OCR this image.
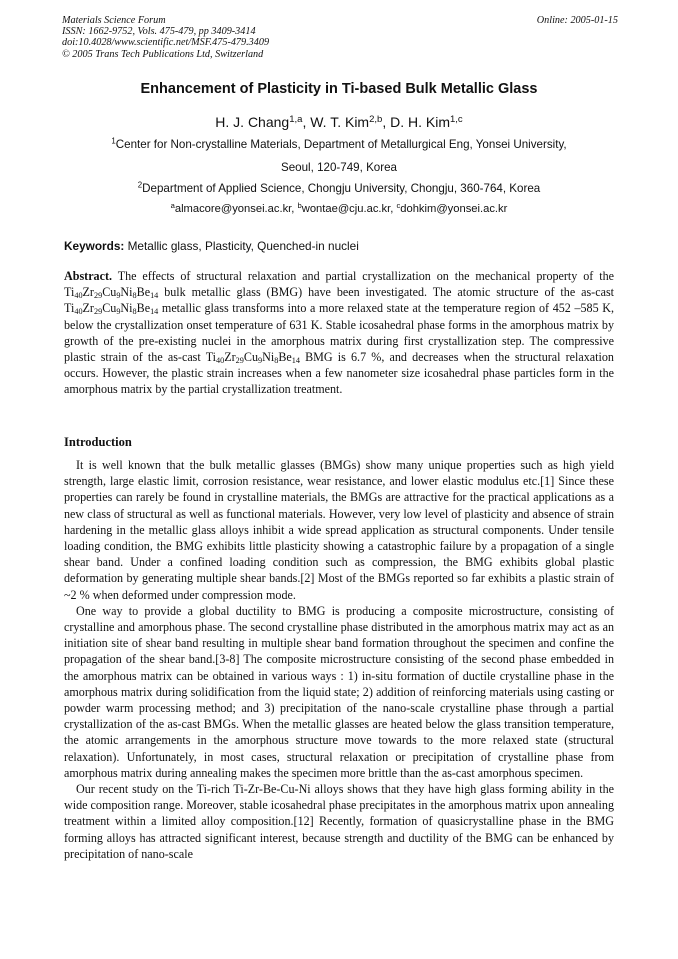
Materials Science Forum
ISSN: 1662-9752, Vols. 475-479, pp 3409-3414
doi:10.4028/www.scientific.net/MSF.475-479.3409
© 2005 Trans Tech Publications Ltd, Switzerland
Online: 2005-01-15
Enhancement of Plasticity in Ti-based Bulk Metallic Glass
H. J. Chang$^{1,a}$, W. T. Kim$^{2,b}$, D. H. Kim$^{1,c}$
$^1$Center for Non-crystalline Materials, Department of Metallurgical Eng, Yonsei University,
Seoul, 120-749, Korea
$^2$Department of Applied Science, Chongju University, Chongju, 360-764, Korea
$^a$almacore@yonsei.ac.kr, $^b$wontae@cju.ac.kr, $^c$dohkim@yonsei.ac.kr
Keywords: Metallic glass, Plasticity, Quenched-in nuclei
Abstract. The effects of structural relaxation and partial crystallization on the mechanical property of the $Ti_{40}Zr_{29}Cu_9Ni_8Be_{14}$ bulk metallic glass (BMG) have been investigated. The atomic structure of the as-cast $Ti_{40}Zr_{29}Cu_9Ni_8Be_{14}$ metallic glass transforms into a more relaxed state at the temperature region of 452 –585 K, below the crystallization onset temperature of 631 K. Stable icosahedral phase forms in the amorphous matrix by growth of the pre-existing nuclei in the amorphous matrix during first crystallization step. The compressive plastic strain of the as-cast $Ti_{40}Zr_{29}Cu_9Ni_8Be_{14}$ BMG is 6.7 %, and decreases when the structural relaxation occurs. However, the plastic strain increases when a few nanometer size icosahedral phase particles form in the amorphous matrix by the partial crystallization treatment.
Introduction

It is well known that the bulk metallic glasses (BMGs) show many unique properties such as high yield strength, large elastic limit, corrosion resistance, wear resistance, and lower elastic modulus etc.[1] Since these properties can rarely be found in crystalline materials, the BMGs are attractive for the practical applications as a new class of structural as well as functional materials. However, very low level of plasticity and absence of strain hardening in the metallic glass alloys inhibit a wide spread application as structural components. Under tensile loading condition, the BMG exhibits little plasticity showing a catastrophic failure by a propagation of a single shear band. Under a confined loading condition such as compression, the BMG exhibits global plastic deformation by generating multiple shear bands.[2] Most of the BMGs reported so far exhibits a plastic strain of ~2 % when deformed under compression mode.

One way to provide a global ductility to BMG is producing a composite microstructure, consisting of crystalline and amorphous phase. The second crystalline phase distributed in the amorphous matrix may act as an initiation site of shear band resulting in multiple shear band formation throughout the specimen and confine the propagation of the shear band.[3-8] The composite microstructure consisting of the second phase embedded in the amorphous matrix can be obtained in various ways : 1) in-situ formation of ductile crystalline phase in the amorphous matrix during solidification from the liquid state; 2) addition of reinforcing materials using casting or powder warm processing method; and 3) precipitation of the nano-scale crystalline phase through a partial crystallization of the as-cast BMGs. When the metallic glasses are heated below the glass transition temperature, the atomic arrangements in the amorphous structure move towards to the more relaxed state (structural relaxation). Unfortunately, in most cases, structural relaxation or precipitation of crystalline phase from amorphous matrix during annealing makes the specimen more brittle than the as-cast amorphous specimen.

Our recent study on the Ti-rich Ti-Zr-Be-Cu-Ni alloys shows that they have high glass forming ability in the wide composition range. Moreover, stable icosahedral phase precipitates in the amorphous matrix upon annealing treatment within a limited alloy composition.[12] Recently, formation of quasicrystalline phase in the BMG forming alloys has attracted significant interest, because strength and ductility of the BMG can be enhanced by precipitation of nano-scale
